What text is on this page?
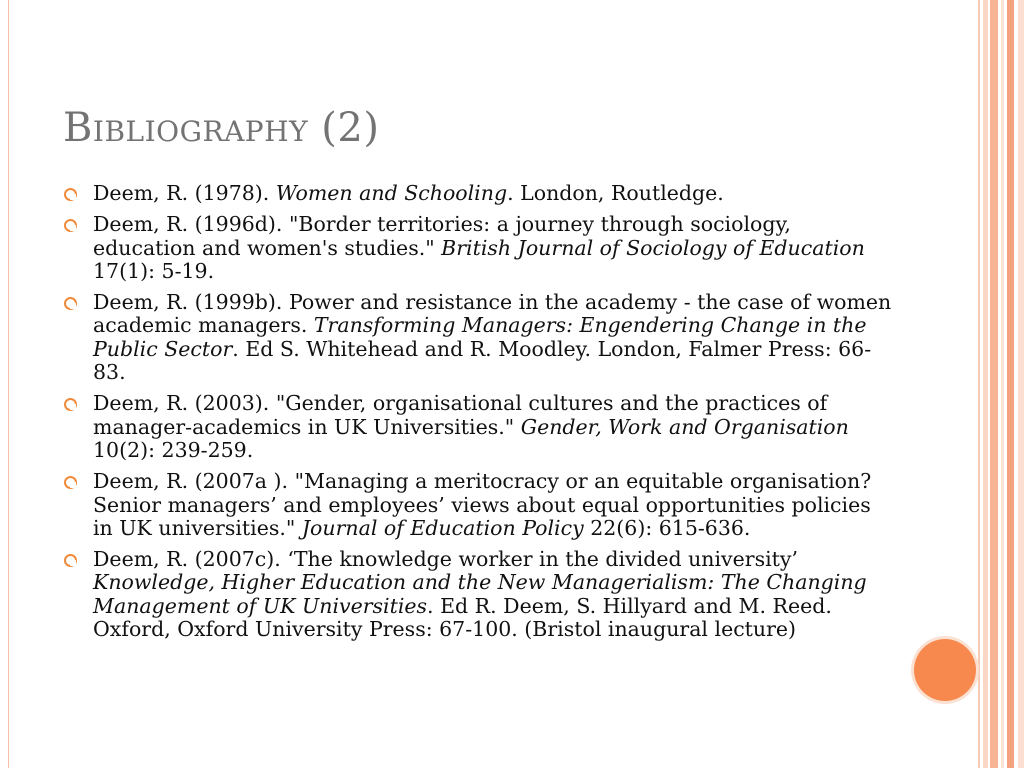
Bibliography (2)
Deem, R. (1978). Women and Schooling. London, Routledge.
Deem, R. (1996d). "Border territories: a journey through sociology, education and women's studies." British Journal of Sociology of Education 17(1): 5-19.
Deem, R. (1999b). Power and resistance in the academy - the case of women academic managers. Transforming Managers: Engendering Change in the Public Sector. Ed S. Whitehead and R. Moodley. London, Falmer Press: 66-83.
Deem, R. (2003). "Gender, organisational cultures and the practices of manager-academics in UK Universities." Gender, Work and Organisation 10(2): 239-259.
Deem, R. (2007a ). "Managing a meritocracy or an equitable organisation? Senior managers’ and employees’ views about equal opportunities policies in UK universities." Journal of Education Policy 22(6): 615-636.
Deem, R. (2007c). ‘The knowledge worker in the divided university’ Knowledge, Higher Education and the New Managerialism: The Changing Management of UK Universities. Ed R. Deem, S. Hillyard and M. Reed. Oxford, Oxford University Press: 67-100. (Bristol inaugural lecture)
